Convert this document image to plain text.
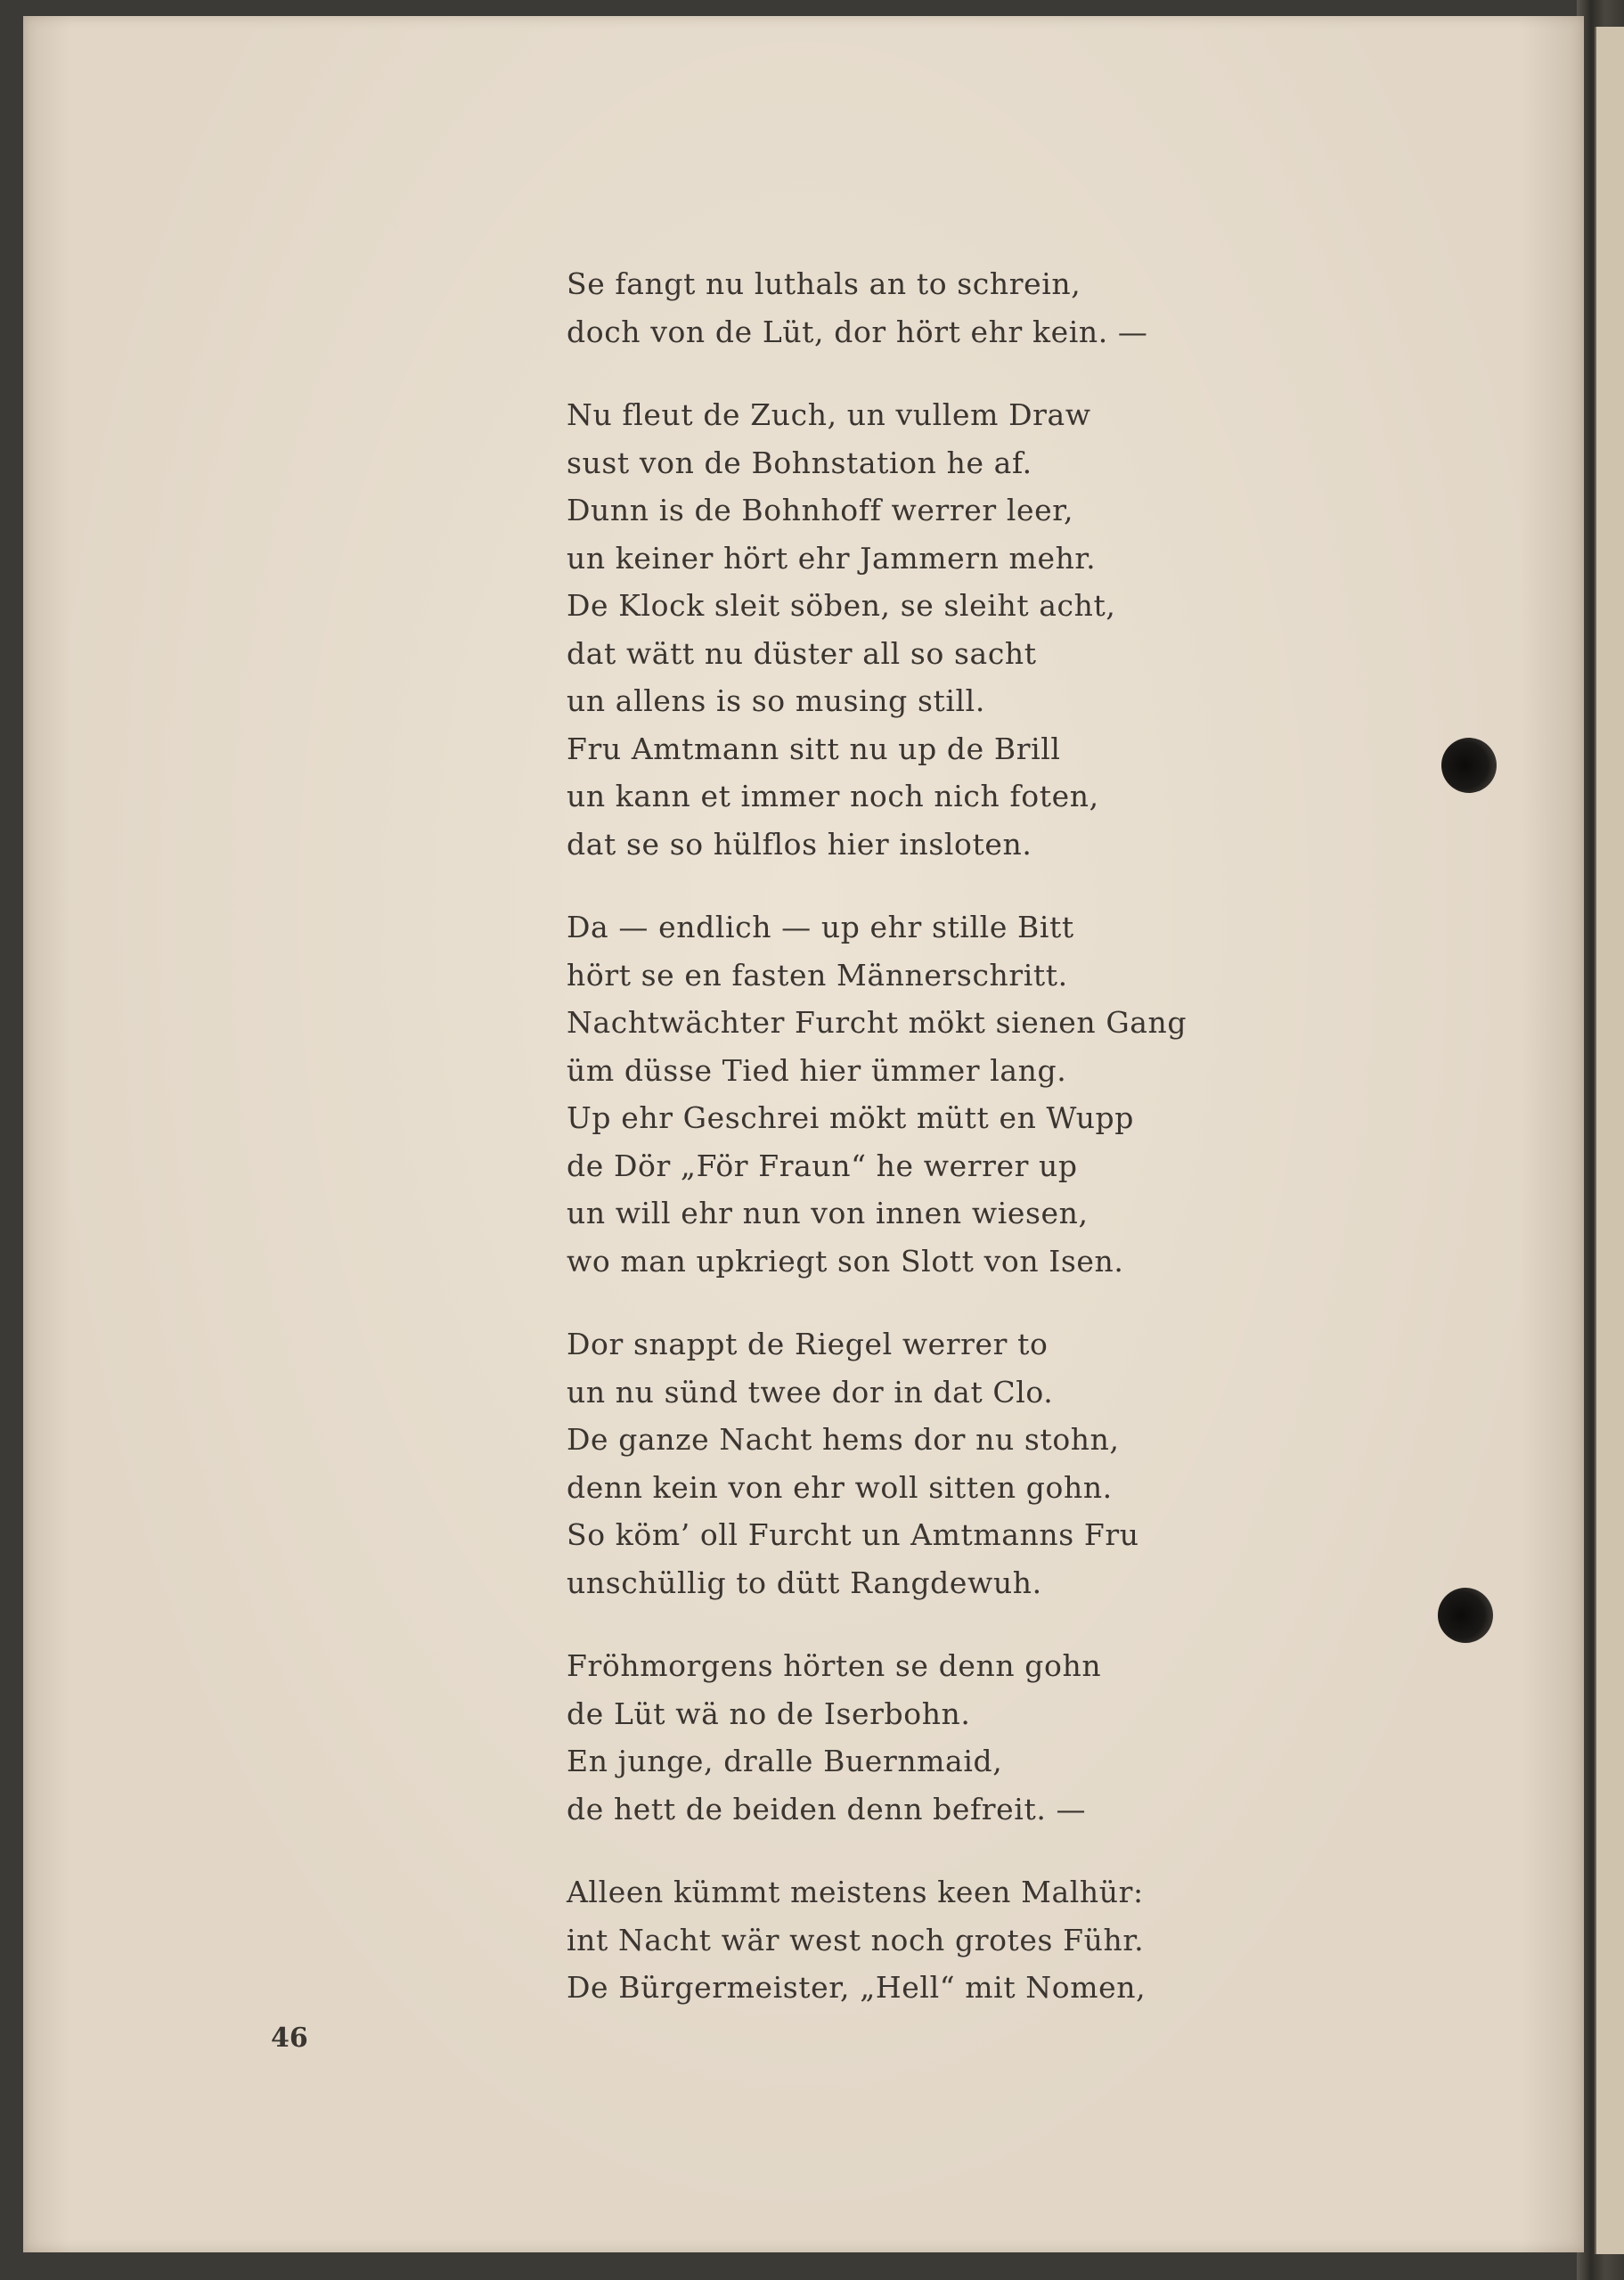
Se fangt nu luthals an to schrein,
doch von de Lüt, dor hört ehr kein. —
Nu fleut de Zuch, un vullem Draw
sust von de Bohnstation he af.
Dunn is de Bohnhoff werrer leer,
un keiner hört ehr Jammern mehr.
De Klock sleit söben, se sleiht acht,
dat wätt nu düster all so sacht
un allens is so musing still.
Fru Amtmann sitt nu up de Brill
un kann et immer noch nich foten,
dat se so hülflos hier insloten.
Da — endlich — up ehr stille Bitt
hört se en fasten Männerschritt.
Nachtwächter Furcht mökt sienen Gang
üm düsse Tied hier ümmer lang.
Up ehr Geschrei mökt mütt en Wupp
de Dör „För Fraun“ he werrer up
un will ehr nun von innen wiesen,
wo man upkriegt son Slott von Isen.
Dor snappt de Riegel werrer to
un nu sünd twee dor in dat Clo.
De ganze Nacht hems dor nu stohn,
denn kein von ehr woll sitten gohn.
So köm’ oll Furcht un Amtmanns Fru
unschüllig to dütt Rangdewuh.
Fröhmorgens hörten se denn gohn
de Lüt wä no de Iserbohn.
En junge, dralle Buernmaid,
de hett de beiden denn befreit. —
Alleen kümmt meistens keen Malhür:
int Nacht wär west noch grotes Führ.
De Bürgermeister, „Hell“ mit Nomen,
46
